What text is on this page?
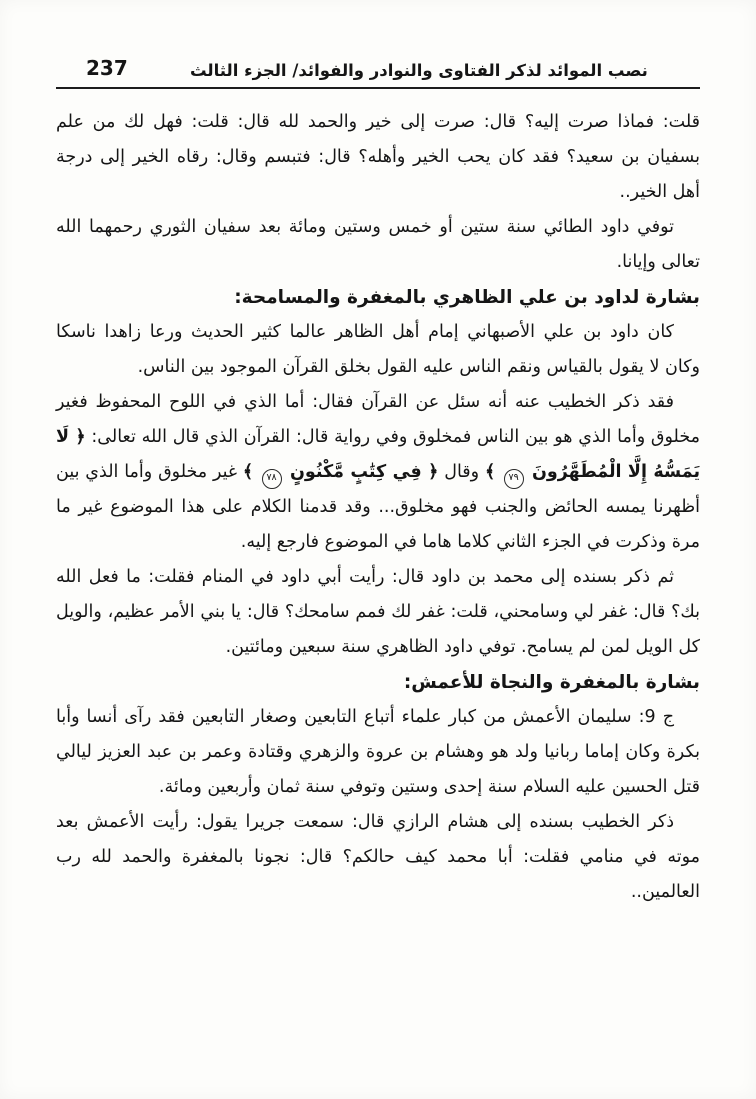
نصب الموائد لذكر الفتاوى والنوادر والفوائد/ الجزء الثالث
237

قلت: فماذا صرت إليه؟ قال: صرت إلى خير والحمد لله قال: قلت: فهل لك من علم بسفيان بن سعيد؟ فقد كان يحب الخير وأهله؟ قال: فتبسم وقال: رقاه الخير إلى درجة أهل الخير..

توفي داود الطائي سنة ستين أو خمس وستين ومائة بعد سفيان الثوري رحمهما الله تعالى وإيانا.

بشارة لداود بن علي الظاهري بالمغفرة والمسامحة:

كان داود بن علي الأصبهاني إمام أهل الظاهر عالما كثير الحديث ورعا زاهدا ناسكا وكان لا يقول بالقياس ونقم الناس عليه القول بخلق القرآن الموجود بين الناس.

فقد ذكر الخطيب عنه أنه سئل عن القرآن فقال: أما الذي في اللوح المحفوظ فغير مخلوق وأما الذي هو بين الناس فمخلوق وفي رواية قال: القرآن الذي قال الله تعالى: ﴿ لَا يَمَسُّهُ إِلَّا الْمُطَهَّرُونَ ٧٩ ﴾ وقال ﴿ فِي كِتَٰبٍ مَّكْنُونٍ ٧٨ ﴾ غير مخلوق وأما الذي بين أظهرنا يمسه الحائض والجنب فهو مخلوق... وقد قدمنا الكلام على هذا الموضوع غير ما مرة وذكرت في الجزء الثاني كلاما هاما في الموضوع فارجع إليه.

ثم ذكر بسنده إلى محمد بن داود قال: رأيت أبي داود في المنام فقلت: ما فعل الله بك؟ قال: غفر لي وسامحني، قلت: غفر لك فمم سامحك؟ قال: يا بني الأمر عظيم، والويل كل الويل لمن لم يسامح. توفي داود الظاهري سنة سبعين ومائتين.

بشارة بالمغفرة والنجاة للأعمش:

ج 9: سليمان الأعمش من كبار علماء أتباع التابعين وصغار التابعين فقد رآى أنسا وأبا بكرة وكان إماما ربانيا ولد هو وهشام بن عروة والزهري وقتادة وعمر بن عبد العزيز ليالي قتل الحسين عليه السلام سنة إحدى وستين وتوفي سنة ثمان وأربعين ومائة.

ذكر الخطيب بسنده إلى هشام الرازي قال: سمعت جريرا يقول: رأيت الأعمش بعد موته في منامي فقلت: أبا محمد كيف حالكم؟ قال: نجونا بالمغفرة والحمد لله رب العالمين..
